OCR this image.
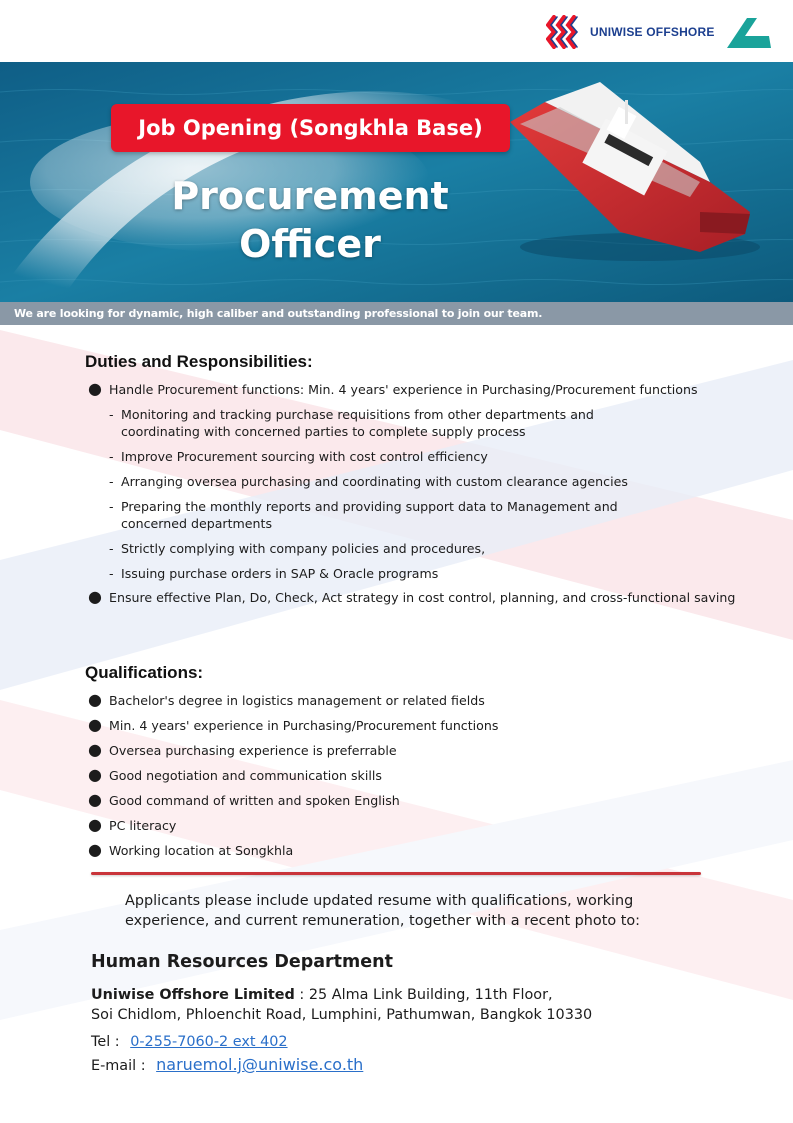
UNIWISE OFFSHORE
Job Opening (Songkhla Base)
Procurement
Officer
We are looking for dynamic, high caliber and outstanding professional to join our team.
Duties and Responsibilities:
● Handle Procurement functions: Min. 4 years' experience in Purchasing/Procurement functions
- Monitoring and tracking purchase requisitions from other departments and coordinating with concerned parties to complete supply process
- Improve Procurement sourcing with cost control efficiency
- Arranging oversea purchasing and coordinating with custom clearance agencies
- Preparing the monthly reports and providing support data to Management and concerned departments
- Strictly complying with company policies and procedures,
- Issuing purchase orders in SAP & Oracle programs
● Ensure effective Plan, Do, Check, Act strategy in cost control, planning, and cross-functional saving
Qualifications:
● Bachelor's degree in logistics management or related fields
● Min. 4 years' experience in Purchasing/Procurement functions
● Oversea purchasing experience is preferrable
● Good negotiation and communication skills
● Good command of written and spoken English
● PC literacy
● Working location at Songkhla
Applicants please include updated resume with qualifications, working experience, and current remuneration, together with a recent photo to:
Human Resources Department
Uniwise Offshore Limited : 25 Alma Link Building, 11th Floor,
Soi Chidlom, Phloenchit Road, Lumphini, Pathumwan, Bangkok 10330
Tel : 0-255-7060-2 ext 402
E-mail : naruemol.j@uniwise.co.th
